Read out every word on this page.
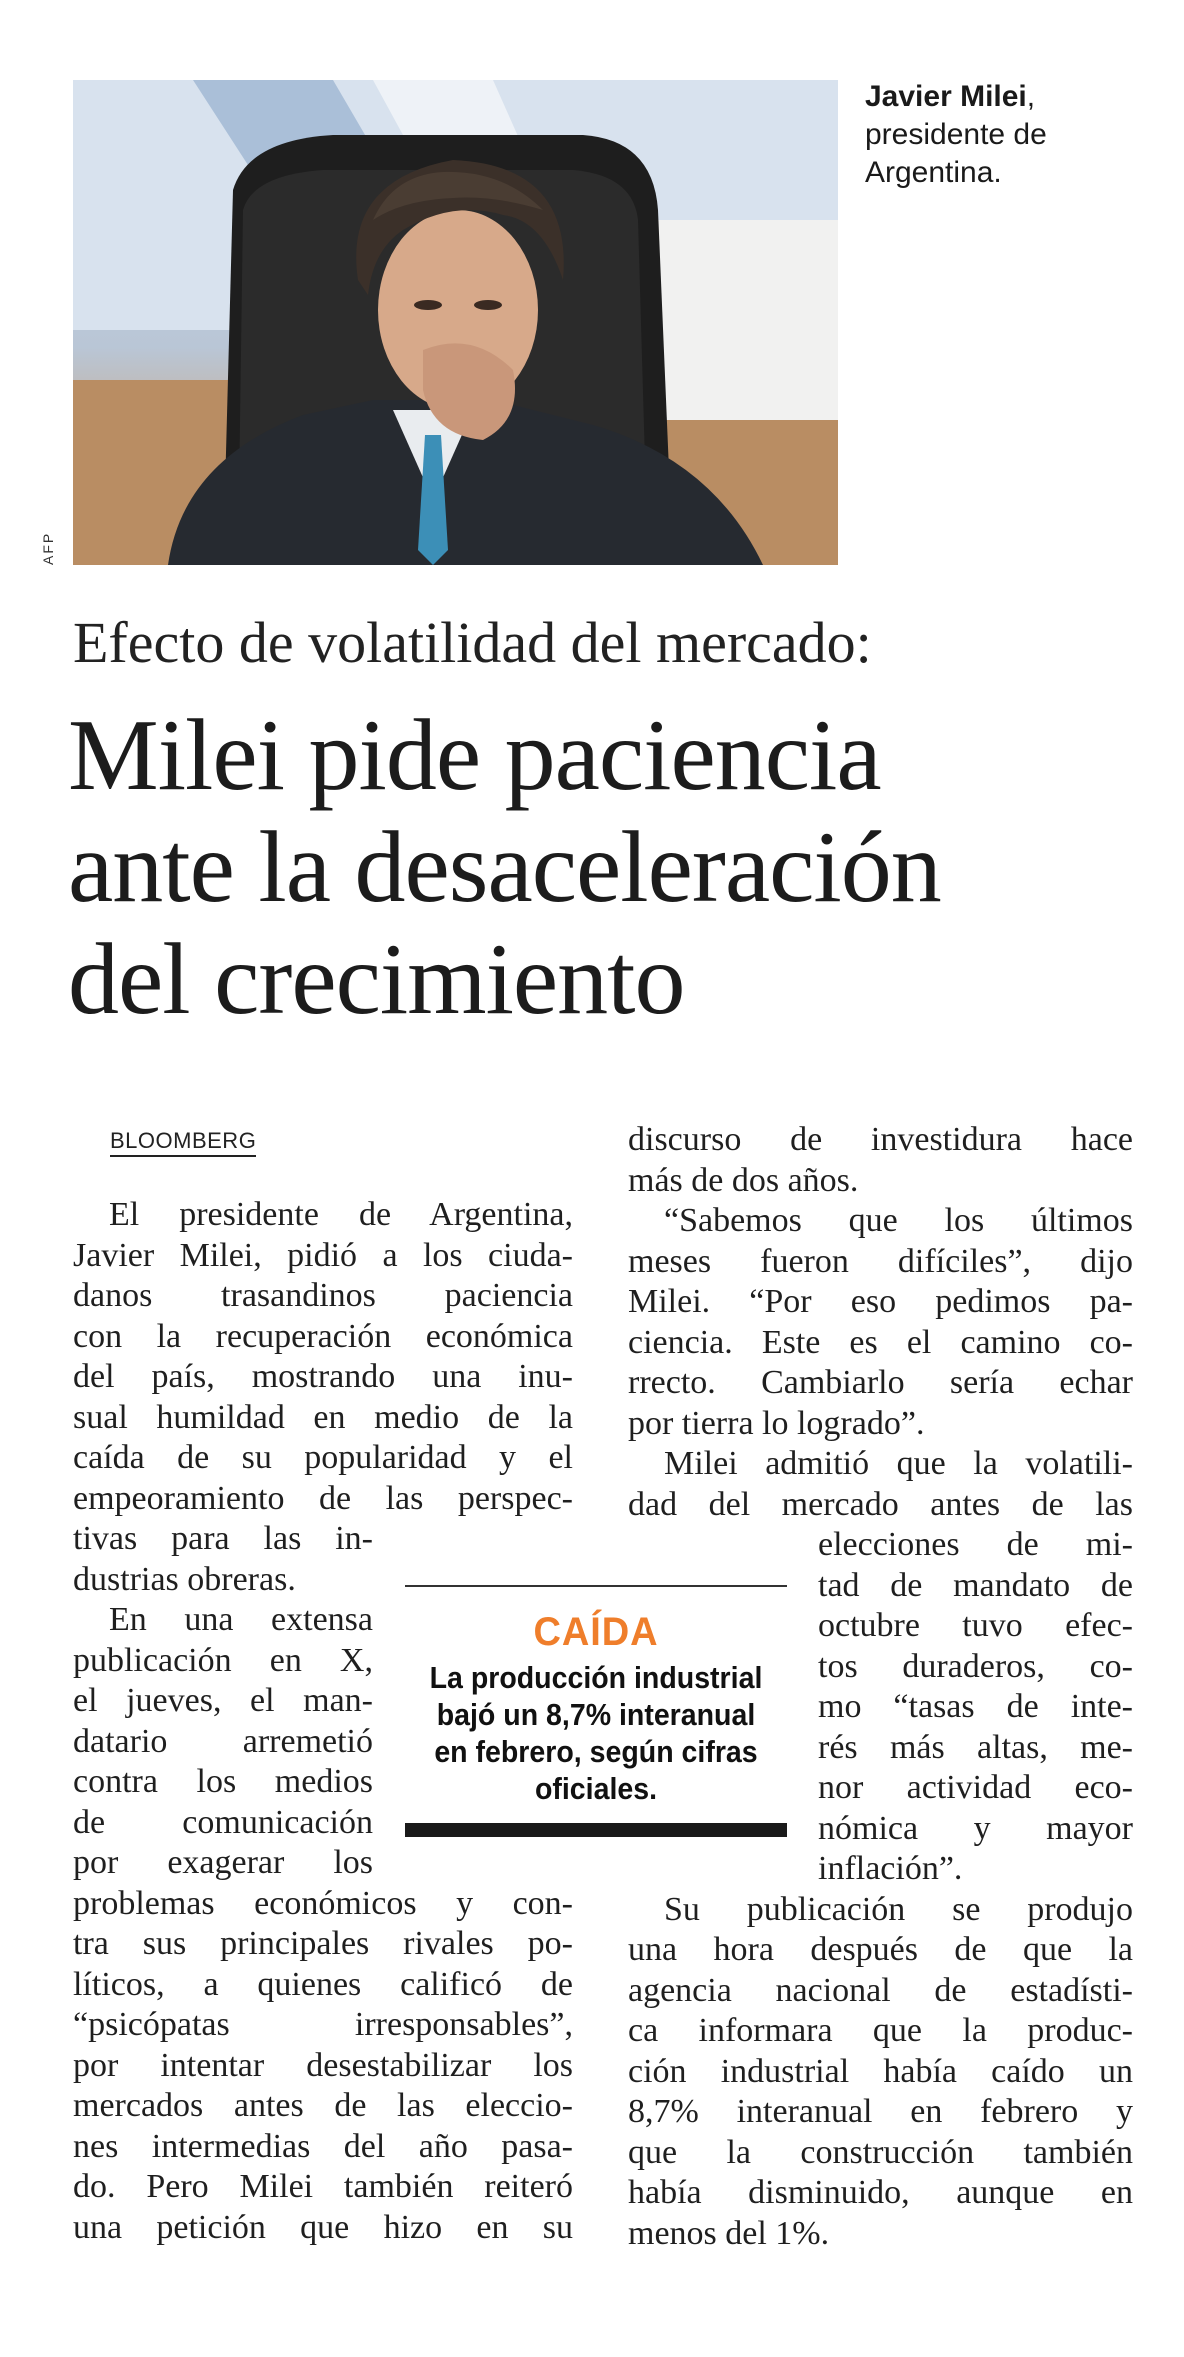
AFP
Javier Milei, presidente de Argentina.
Efecto de volatilidad del mercado:
Milei pide paciencia
ante la desaceleración
del crecimiento
BLOOMBERG
El presidente de Argentina,
Javier Milei, pidió a los ciuda-
danos trasandinos paciencia
con la recuperación económica
del país, mostrando una inu-
sual humildad en medio de la
caída de su popularidad y el
empeoramiento de las perspec-
tivas para las in-
dustrias obreras.
En una extensa
publicación en X,
el jueves, el man-
datario arremetió
contra los medios
de comunicación
por exagerar los
problemas económicos y con-
tra sus principales rivales po-
líticos, a quienes calificó de
“psicópatas irresponsables”,
por intentar desestabilizar los
mercados antes de las eleccio-
nes intermedias del año pasa-
do. Pero Milei también reiteró
una petición que hizo en su
discurso de investidura hace
más de dos años.
“Sabemos que los últimos
meses fueron difíciles”, dijo
Milei. “Por eso pedimos pa-
ciencia. Este es el camino co-
rrecto. Cambiarlo sería echar
por tierra lo logrado”.
Milei admitió que la volatili-
dad del mercado antes de las
elecciones de mi-
tad de mandato de
octubre tuvo efec-
tos duraderos, co-
mo “tasas de inte-
rés más altas, me-
nor actividad eco-
nómica y mayor
inflación”.
Su publicación se produjo
una hora después de que la
agencia nacional de estadísti-
ca informara que la produc-
ción industrial había caído un
8,7% interanual en febrero y
que la construcción también
había disminuido, aunque en
menos del 1%.
CAÍDA
La producción industrial bajó un 8,7% interanual en febrero, según cifras oficiales.
